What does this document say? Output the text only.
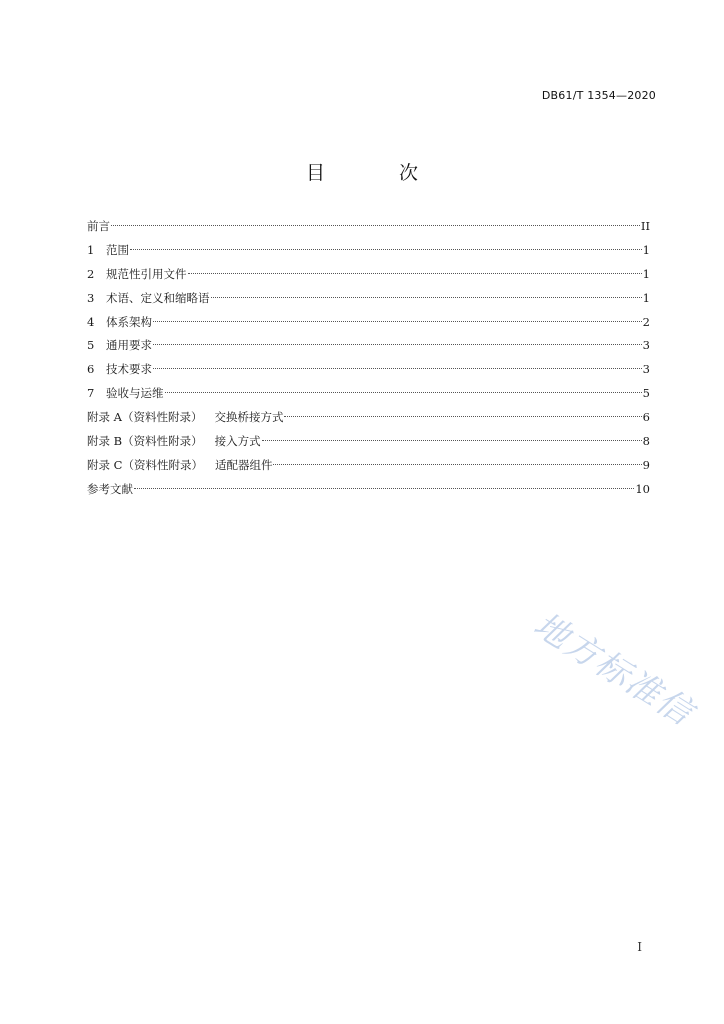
DB61/T 1354—2020
目 次
前言	II
1	范围	1
2	规范性引用文件	1
3	术语、定义和缩略语	1
4	体系架构	2
5	通用要求	3
6	技术要求	3
7	验收与运维	5
附录 A（资料性附录） 交换桥接方式	6
附录 B（资料性附录） 接入方式	8
附录 C（资料性附录） 适配器组件	9
参考文献	10
地方标准信
I
